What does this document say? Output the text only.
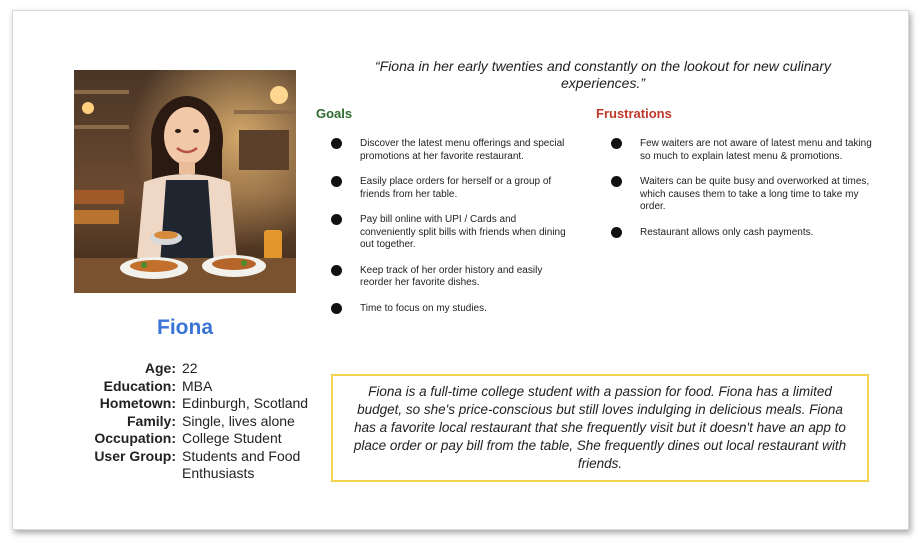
Fiona
Age: 22
Education: MBA
Hometown: Edinburgh, Scotland
Family: Single, lives alone
Occupation: College Student
User Group: Students and Food Enthusiasts
“Fiona in her early twenties and constantly on the lookout for new culinary experiences.”
Goals
Discover the latest menu offerings and special promotions at her favorite restaurant.
Easily place orders for herself or a group of friends from her table.
Pay bill online with UPI / Cards and conveniently split bills with friends when dining out together.
Keep track of her order history and easily reorder her favorite dishes.
Time to focus on my studies.
Frustrations
Few waiters are not aware of latest menu and taking so much to explain latest menu & promotions.
Waiters can be quite busy and overworked at times, which causes them to take a long time to take my order.
Restaurant allows only cash payments.
Fiona is a full-time college student with a passion for food. Fiona has a limited budget, so she's price-conscious but still loves indulging in delicious meals. Fiona has a favorite local restaurant that she frequently visit but it doesn't have an app to place order or pay bill from the table, She frequently dines out local restaurant with friends.
